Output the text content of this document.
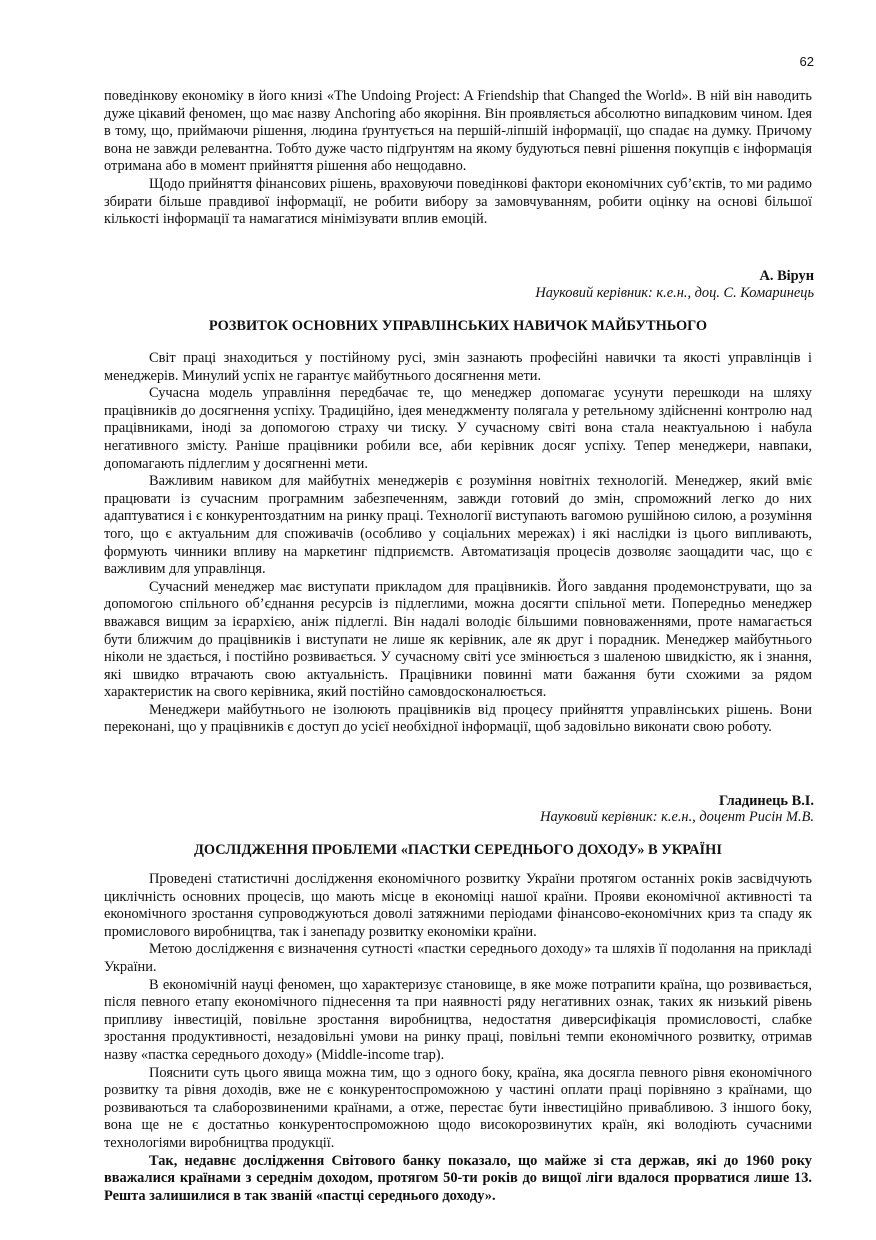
62

поведінкову економіку в його книзі «The Undoing Project: A Friendship that Changed the World». В ній він наводить дуже цікавий феномен, що має назву Anchoring або якоріння. Він проявляється абсолютно випадковим чином. Ідея в тому, що, приймаючи рішення, людина ґрунтується на першій-ліпшій інформації, що спадає на думку. Причому вона не завжди релевантна. Тобто дуже часто підґрунтям на якому будуються певні рішення покупців є інформація отримана або в момент прийняття рішення або нещодавно.

Щодо прийняття фінансових рішень, враховуючи поведінкові фактори економічних суб’єктів, то ми радимо збирати більше правдивої інформації, не робити вибору за замовчуванням, робити оцінку на основі більшої кількості інформації та намагатися мінімізувати вплив емоцій.

А. Вірун
Науковий керівник: к.е.н., доц. С. Комаринець
РОЗВИТОК ОСНОВНИХ УПРАВЛІНСЬКИХ НАВИЧОК МАЙБУТНЬОГО

Світ праці знаходиться у постійному русі, змін зазнають професійні навички та якості управлінців і менеджерів. Минулий успіх не гарантує майбутнього досягнення мети.

Сучасна модель управління передбачає те, що менеджер допомагає усунути перешкоди на шляху працівників до досягнення успіху. Традиційно, ідея менеджменту полягала у ретельному здійсненні контролю над працівниками, іноді за допомогою страху чи тиску. У сучасному світі вона стала неактуальною і набула негативного змісту. Раніше працівники робили все, аби керівник досяг успіху. Тепер менеджери, навпаки, допомагають підлеглим у досягненні мети.

Важливим навиком для майбутніх менеджерів є розуміння новітніх технологій. Менеджер, який вміє працювати із сучасним програмним забезпеченням, завжди готовий до змін, спроможний легко до них адаптуватися і є конкурентоздатним на ринку праці. Технології виступають вагомою рушійною силою, а розуміння того, що є актуальним для споживачів (особливо у соціальних мережах) і які наслідки із цього випливають, формують чинники впливу на маркетинг підприємств. Автоматизація процесів дозволяє заощадити час, що є важливим для управлінця.

Сучасний менеджер має виступати прикладом для працівників. Його завдання продемонструвати, що за допомогою спільного об’єднання ресурсів із підлеглими, можна досягти спільної мети. Попередньо менеджер вважався вищим за ієрархією, аніж підлеглі. Він надалі володіє більшими повноваженнями, проте намагається бути ближчим до працівників і виступати не лише як керівник, але як друг і порадник. Менеджер майбутнього ніколи не здається, і постійно розвивається. У сучасному світі усе змінюється з шаленою швидкістю, як і знання, які швидко втрачають свою актуальність. Працівники повинні мати бажання бути схожими за рядом характеристик на свого керівника, який постійно самовдосконалюється.

Менеджери майбутнього не ізолюють працівників від процесу прийняття управлінських рішень. Вони переконані, що у працівників є доступ до усієї необхідної інформації, щоб задовільно виконати свою роботу.

Гладинець В.І.
Науковий керівник: к.е.н., доцент Рисін М.В.
ДОСЛІДЖЕННЯ ПРОБЛЕМИ «ПАСТКИ СЕРЕДНЬОГО ДОХОДУ» В УКРАЇНІ

Проведені статистичні дослідження економічного розвитку України протягом останніх років засвідчують циклічність основних процесів, що мають місце в економіці нашої країни. Прояви економічної активності та економічного зростання супроводжуються доволі затяжними періодами фінансово-економічних криз та спаду як промислового виробництва, так і занепаду розвитку економіки країни.

Метою дослідження є визначення сутності «пастки середнього доходу» та шляхів її подолання на прикладі України.

В економічній науці феномен, що характеризує становище, в яке може потрапити країна, що розвивається, після певного етапу економічного піднесення та при наявності ряду негативних ознак, таких як низький рівень припливу інвестицій, повільне зростання виробництва, недостатня диверсифікація промисловості, слабке зростання продуктивності, незадовільні умови на ринку праці, повільні темпи економічного розвитку, отримав назву «пастка середнього доходу» (Middle-income trap).

Пояснити суть цього явища можна тим, що з одного боку, країна, яка досягла певного рівня економічного розвитку та рівня доходів, вже не є конкурентоспроможною у частині оплати праці порівняно з країнами, що розвиваються та слаборозвиненими країнами, а отже, перестає бути інвестиційно привабливою. З іншого боку, вона ще не є достатньо конкурентоспроможною щодо високорозвинутих країн, які володіють сучасними технологіями виробництва продукції.

Так, недавнє дослідження Світового банку показало, що майже зі ста держав, які до 1960 року вважалися країнами з середнім доходом, протягом 50-ти років до вищої ліги вдалося прорватися лише 13. Решта залишилися в так званій «пастці середнього доходу».
